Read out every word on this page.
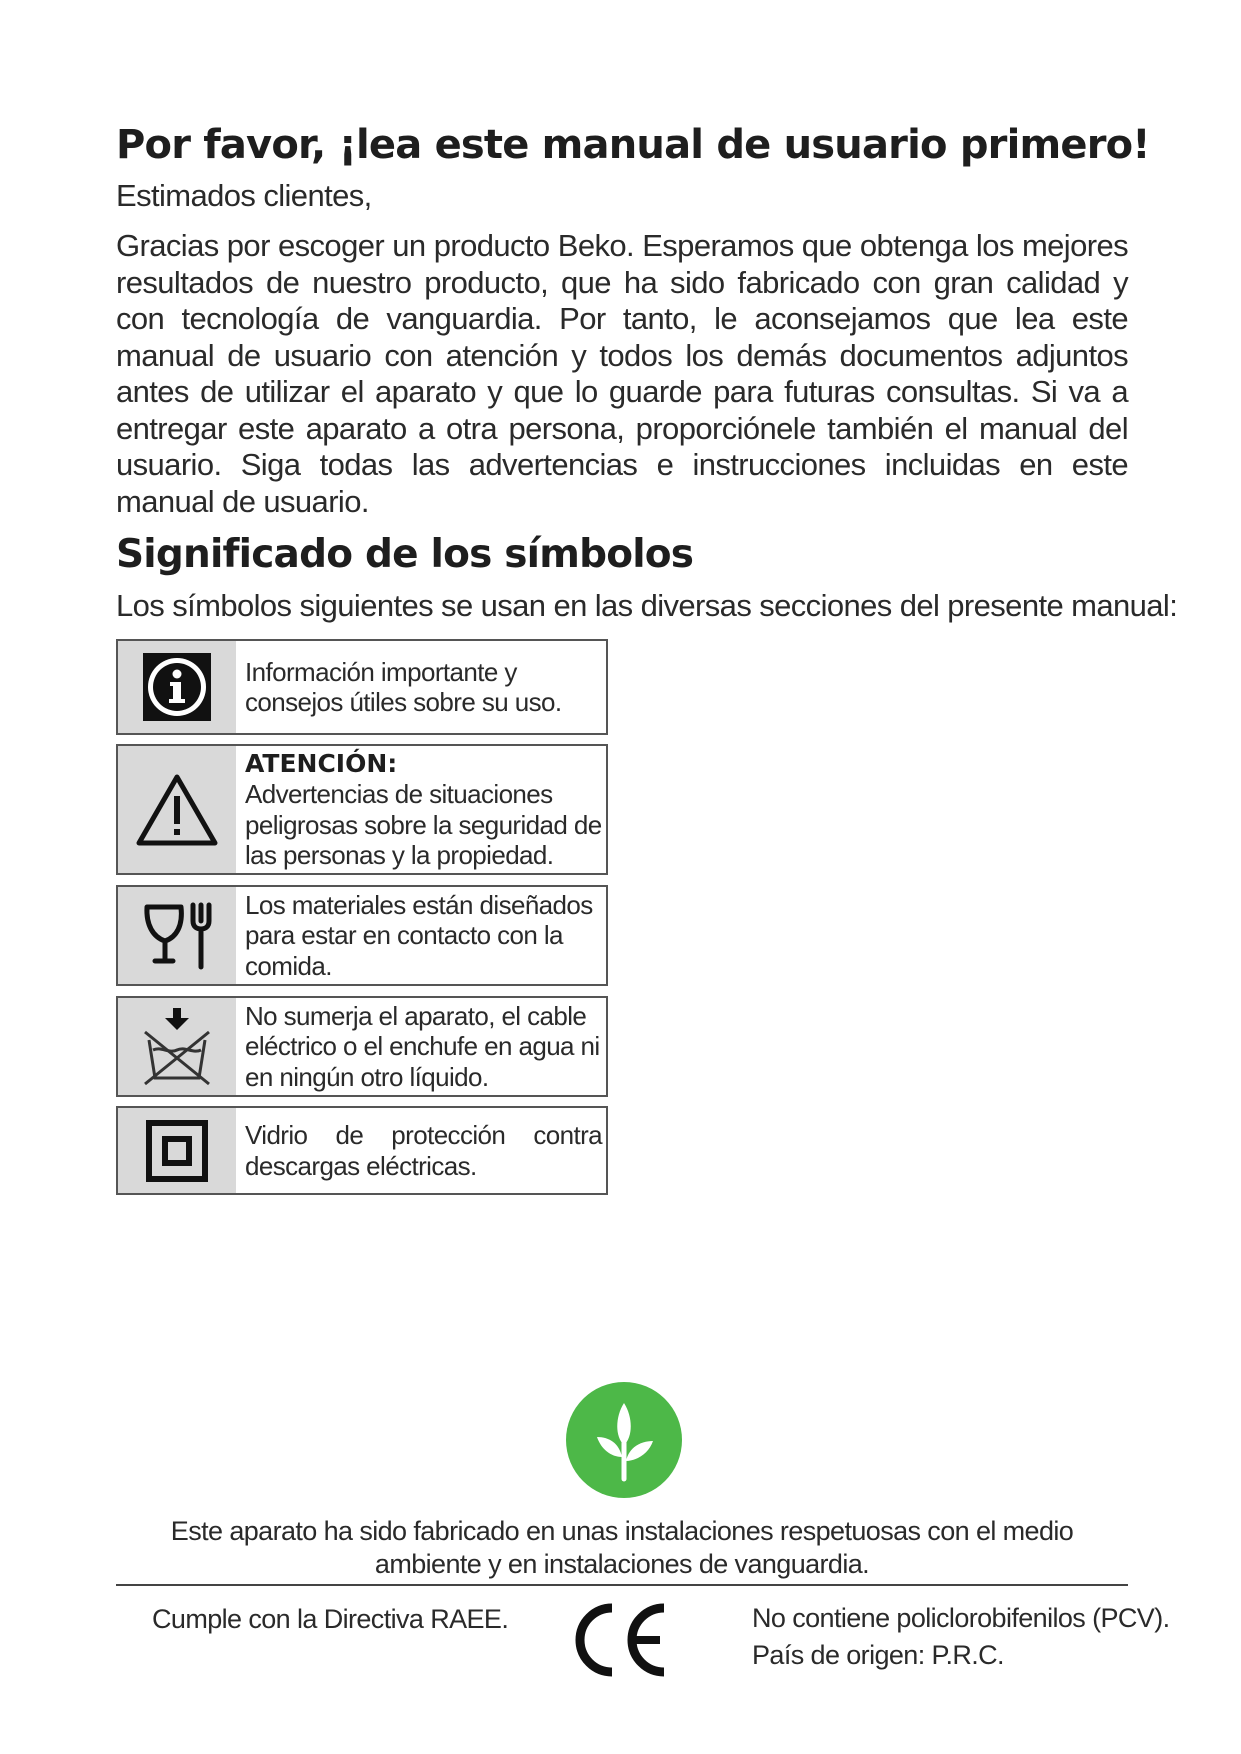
Por favor, ¡lea este manual de usuario primero!

Estimados clientes,

Gracias por escoger un producto Beko. Esperamos que obtenga los mejores resultados de nuestro producto, que ha sido fabricado con gran calidad y con tecnología de vanguardia. Por tanto, le aconsejamos que lea este manual de usuario con atención y todos los demás documentos adjuntos antes de utilizar el aparato y que lo guarde para futuras consultas. Si va a entregar este aparato a otra persona, proporciónele también el manual del usuario. Siga todas las advertencias e instrucciones incluidas en este manual de usuario.

Significado de los símbolos

Los símbolos siguientes se usan en las diversas secciones del presente manual:

Información importante y consejos útiles sobre su uso.
ATENCIÓN:
Advertencias de situaciones peligrosas sobre la seguridad de las personas y la propiedad.
Los materiales están diseñados para estar en contacto con la comida.
No sumerja el aparato, el cable eléctrico o el enchufe en agua ni en ningún otro líquido.
Vidrio de protección contra
descargas eléctricas.

Este aparato ha sido fabricado en unas instalaciones respetuosas con el medio ambiente y en instalaciones de vanguardia.

Cumple con la Directiva RAEE.	No contiene policlorobifenilos (PCV).
País de origen: P.R.C.
